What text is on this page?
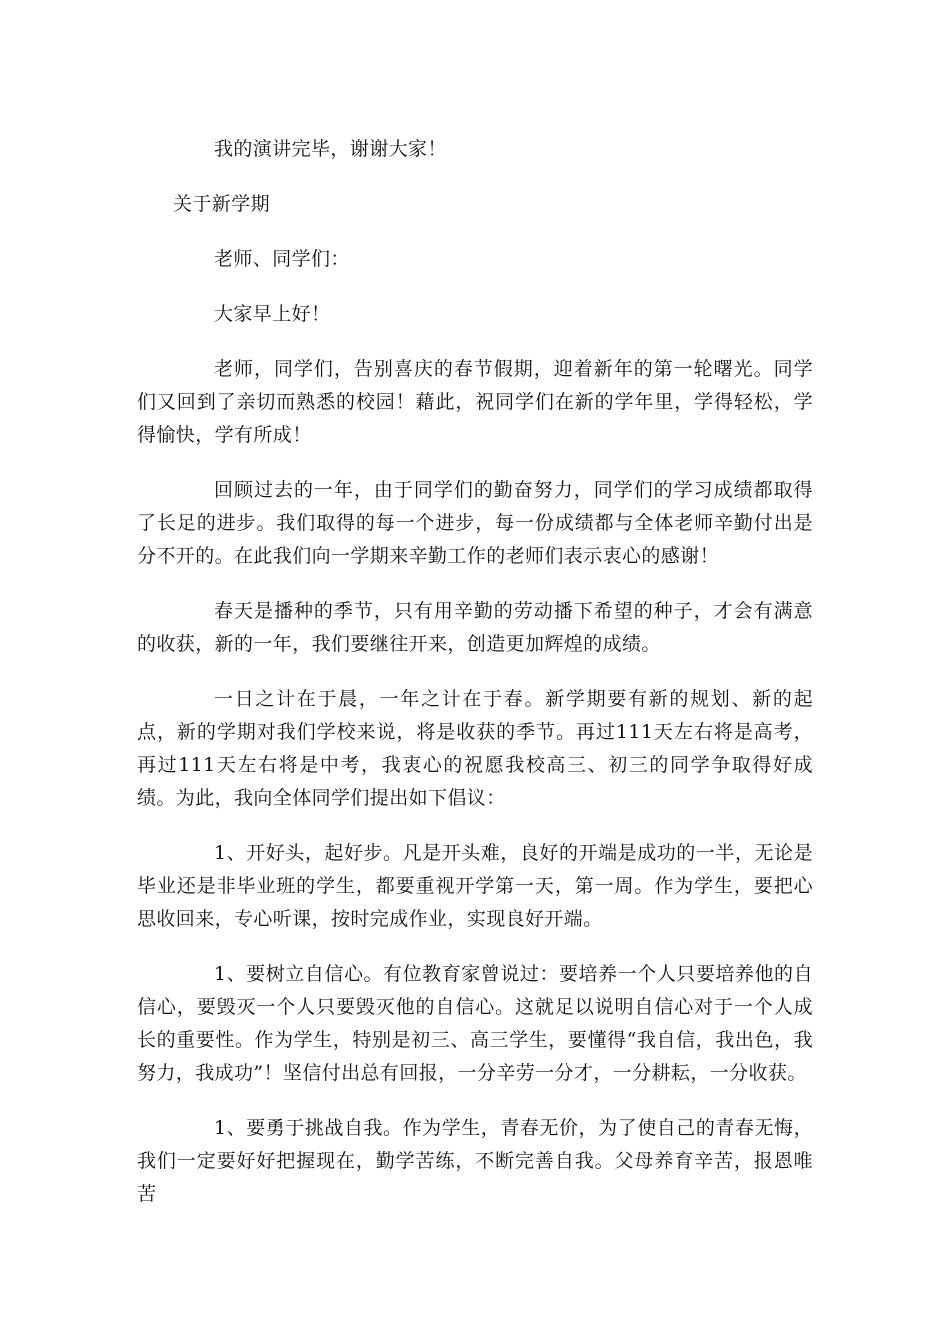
我的演讲完毕，谢谢大家！

关于新学期

老师、同学们：

大家早上好！

老师，同学们，告别喜庆的春节假期，迎着新年的第一轮曙光。同学们又回到了亲切而熟悉的校园！藉此，祝同学们在新的学年里，学得轻松，学得愉快，学有所成！

回顾过去的一年，由于同学们的勤奋努力，同学们的学习成绩都取得了长足的进步。我们取得的每一个进步，每一份成绩都与全体老师辛勤付出是分不开的。在此我们向一学期来辛勤工作的老师们表示衷心的感谢！

春天是播种的季节，只有用辛勤的劳动播下希望的种子，才会有满意的收获，新的一年，我们要继往开来，创造更加辉煌的成绩。

一日之计在于晨，一年之计在于春。新学期要有新的规划、新的起点，新的学期对我们学校来说，将是收获的季节。再过111天左右将是高考，再过111天左右将是中考，我衷心的祝愿我校高三、初三的同学争取得好成绩。为此，我向全体同学们提出如下倡议：

1、开好头，起好步。凡是开头难，良好的开端是成功的一半，无论是毕业还是非毕业班的学生，都要重视开学第一天，第一周。作为学生，要把心思收回来，专心听课，按时完成作业，实现良好开端。

1、要树立自信心。有位教育家曾说过：要培养一个人只要培养他的自信心，要毁灭一个人只要毁灭他的自信心。这就足以说明自信心对于一个人成长的重要性。作为学生，特别是初三、高三学生，要懂得“我自信，我出色，我努力，我成功”！坚信付出总有回报，一分辛劳一分才，一分耕耘，一分收获。

1、要勇于挑战自我。作为学生，青春无价，为了使自己的青春无悔，我们一定要好好把握现在，勤学苦练，不断完善自我。父母养育辛苦，报恩唯苦
